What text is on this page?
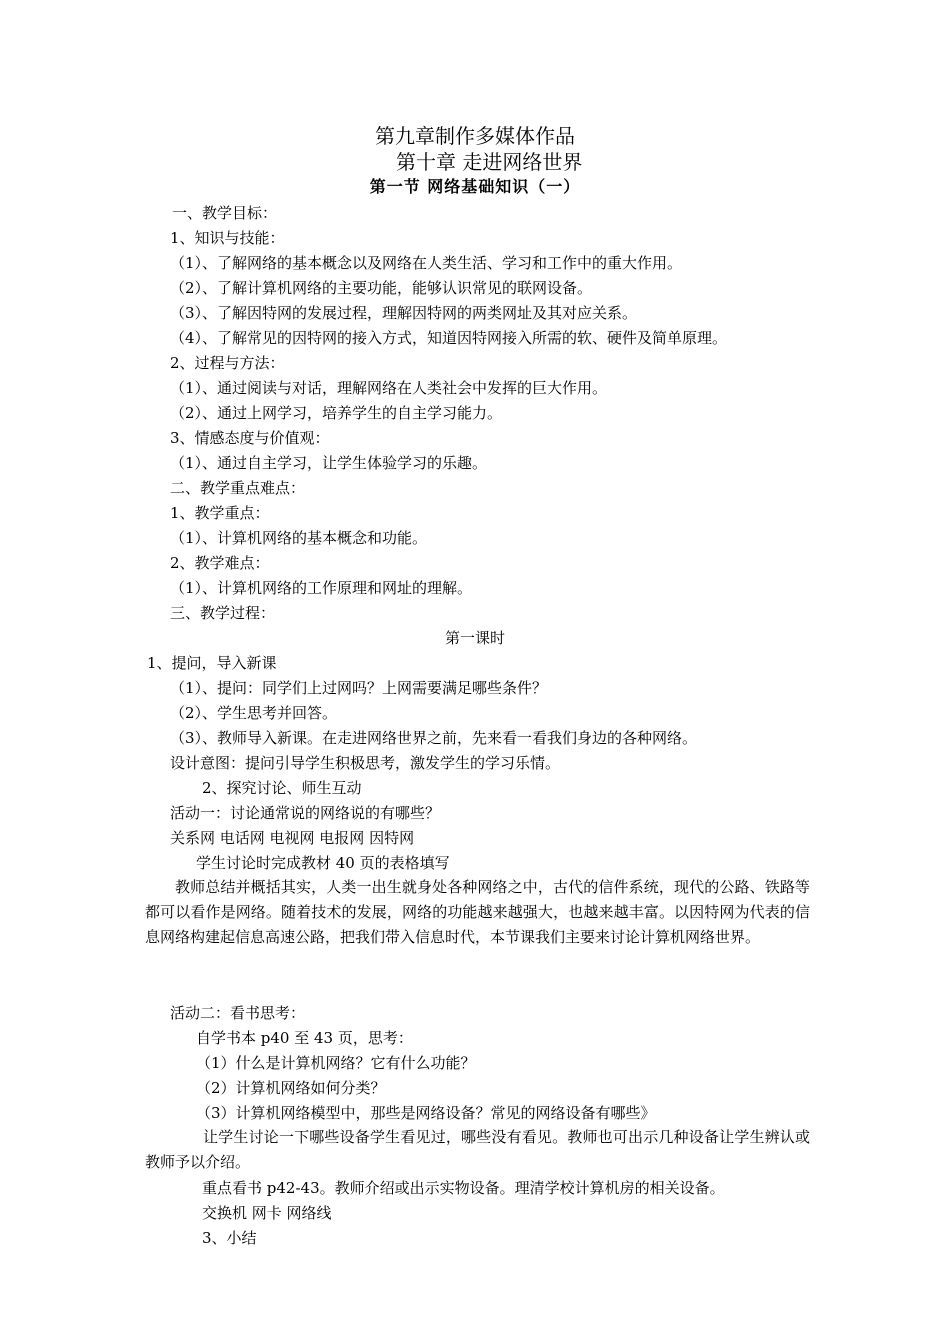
第九章制作多媒体作品
第十章 走进网络世界
第一节 网络基础知识（一）
一、教学目标：
1、知识与技能：
（1）、了解网络的基本概念以及网络在人类生活、学习和工作中的重大作用。
（2）、了解计算机网络的主要功能，能够认识常见的联网设备。
（3）、了解因特网的发展过程，理解因特网的两类网址及其对应关系。
（4）、了解常见的因特网的接入方式，知道因特网接入所需的软、硬件及简单原理。
2、过程与方法：
（1）、通过阅读与对话，理解网络在人类社会中发挥的巨大作用。
（2）、通过上网学习，培养学生的自主学习能力。
3、情感态度与价值观：
（1）、通过自主学习，让学生体验学习的乐趣。
二、教学重点难点：
1、教学重点：
（1）、计算机网络的基本概念和功能。
2、教学难点：
（1）、计算机网络的工作原理和网址的理解。
三、教学过程：
第一课时
1、提问，导入新课
（1）、提问：同学们上过网吗？上网需要满足哪些条件？
（2）、学生思考并回答。
（3）、教师导入新课。在走进网络世界之前，先来看一看我们身边的各种网络。
设计意图：提问引导学生积极思考，激发学生的学习乐情。
2、探究讨论、师生互动
活动一：讨论通常说的网络说的有哪些？
关系网 电话网 电视网 电报网 因特网
学生讨论时完成教材 40 页的表格填写
教师总结并概括其实，人类一出生就身处各种网络之中，古代的信件系统，现代的公路、铁路等都可以看作是网络。随着技术的发展，网络的功能越来越强大，也越来越丰富。以因特网为代表的信息网络构建起信息高速公路，把我们带入信息时代，本节课我们主要来讨论计算机网络世界。
活动二：看书思考：
自学书本 p40 至 43 页，思考：
（1）什么是计算机网络？它有什么功能？
（2）计算机网络如何分类？
（3）计算机网络模型中，那些是网络设备？常见的网络设备有哪些》
让学生讨论一下哪些设备学生看见过，哪些没有看见。教师也可出示几种设备让学生辨认或教师予以介绍。
重点看书 p42-43。教师介绍或出示实物设备。理清学校计算机房的相关设备。
交换机 网卡 网络线
3、小结
